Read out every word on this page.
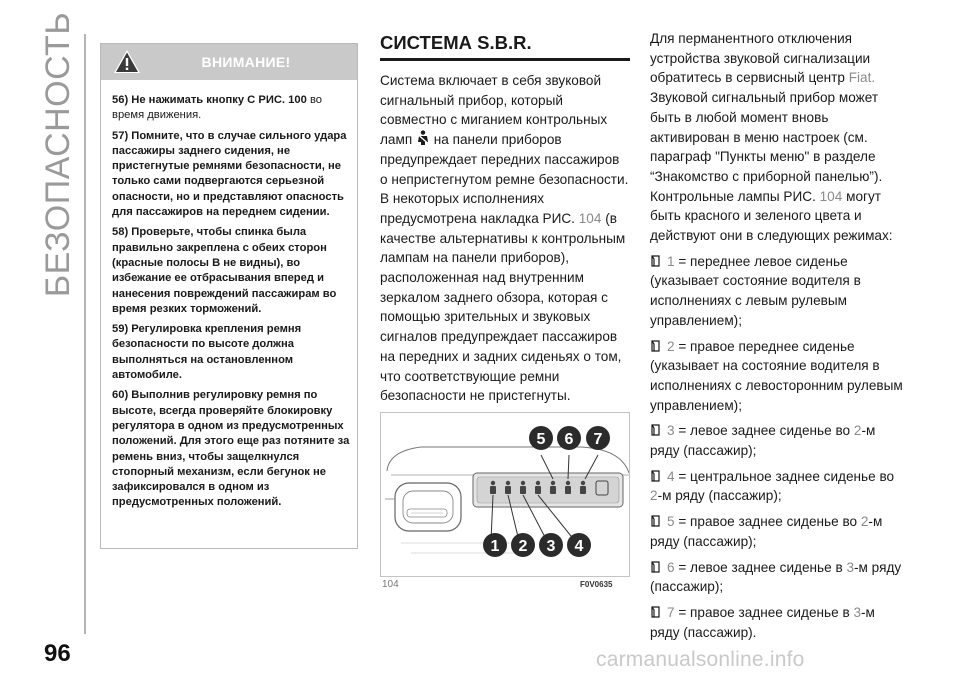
БЕЗОПАСНОСТЬ
96
ВНИМАНИЕ!
56) Не нажимать кнопку С РИС. 100 во время движения.
57) Помните, что в случае сильного удара пассажиры заднего сидения, не пристегнутые ремнями безопасности, не только сами подвергаются серьезной опасности, но и представляют опасность для пассажиров на переднем сидении.
58) Проверьте, чтобы спинка была правильно закреплена с обеих сторон (красные полосы B не видны), во избежание ее отбрасывания вперед и нанесения повреждений пассажирам во время резких торможений.
59) Регулировка крепления ремня безопасности по высоте должна выполняться на остановленном автомобиле.
60) Выполнив регулировку ремня по высоте, всегда проверяйте блокировку регулятора в одном из предусмотренных положений. Для этого еще раз потяните за ремень вниз, чтобы защелкнулся стопорный механизм, если бегунок не зафиксировался в одном из предусмотренных положений.
СИСТЕМА S.B.R.
Система включает в себя звуковой сигнальный прибор, который совместно с миганием контрольных ламп на панели приборов предупреждает передних пассажиров о непристегнутом ремне безопасности.
В некоторых исполнениях предусмотрена накладка РИС. 104 (в качестве альтернативы к контрольным лампам на панели приборов), расположенная над внутренним зеркалом заднего обзора, которая с помощью зрительных и звуковых сигналов предупреждает пассажиров на передних и задних сиденьях о том, что соответствующие ремни безопасности не пристегнуты.
5 6 7
1 2 3 4
104	F0V0635

Для перманентного отключения устройства звуковой сигнализации обратитесь в сервисный центр Fiat. Звуковой сигнальный прибор может быть в любой момент вновь активирован в меню настроек (см. параграф "Пункты меню" в разделе “Знакомство с приборной панелью”). Контрольные лампы РИС. 104 могут быть красного и зеленого цвета и действуют они в следующих режимах:

1 = переднее левое сиденье (указывает состояние водителя в исполнениях с левым рулевым управлением);
2 = правое переднее сиденье (указывает на состояние водителя в исполнениях с левосторонним рулевым управлением);
3 = левое заднее сиденье во 2-м ряду (пассажир);
4 = центральное заднее сиденье во 2-м ряду (пассажир);
5 = правое заднее сиденье во 2-м ряду (пассажир);
6 = левое заднее сиденье в 3-м ряду (пассажир);
7 = правое заднее сиденье в 3-м ряду (пассажир).
carmanualsonline.info
